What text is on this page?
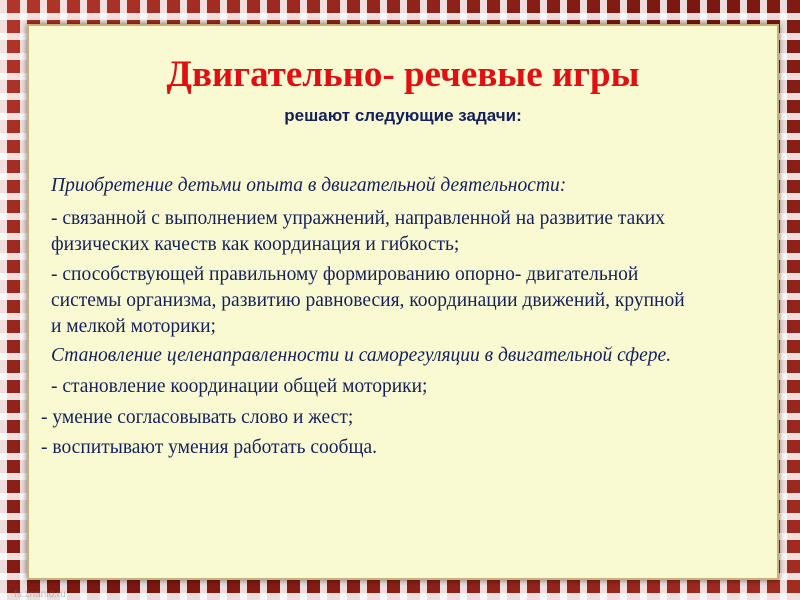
Двигательно- речевые игры
решают следующие задачи:
Приобретение детьми опыта в двигательной деятельности:
- связанной с выполнением упражнений, направленной на развитие таких
физических качеств как координация и гибкость;
- способствующей правильному формированию опорно- двигательной
системы организма, развитию равновесия, координации движений, крупной
и мелкой моторики;
Становление целенаправленности и саморегуляции в двигательной сфере.
- становление координации общей моторики;
- умение согласовывать слово и жест;
- воспитывают умения работать сообща.
fs.znanio.ru
